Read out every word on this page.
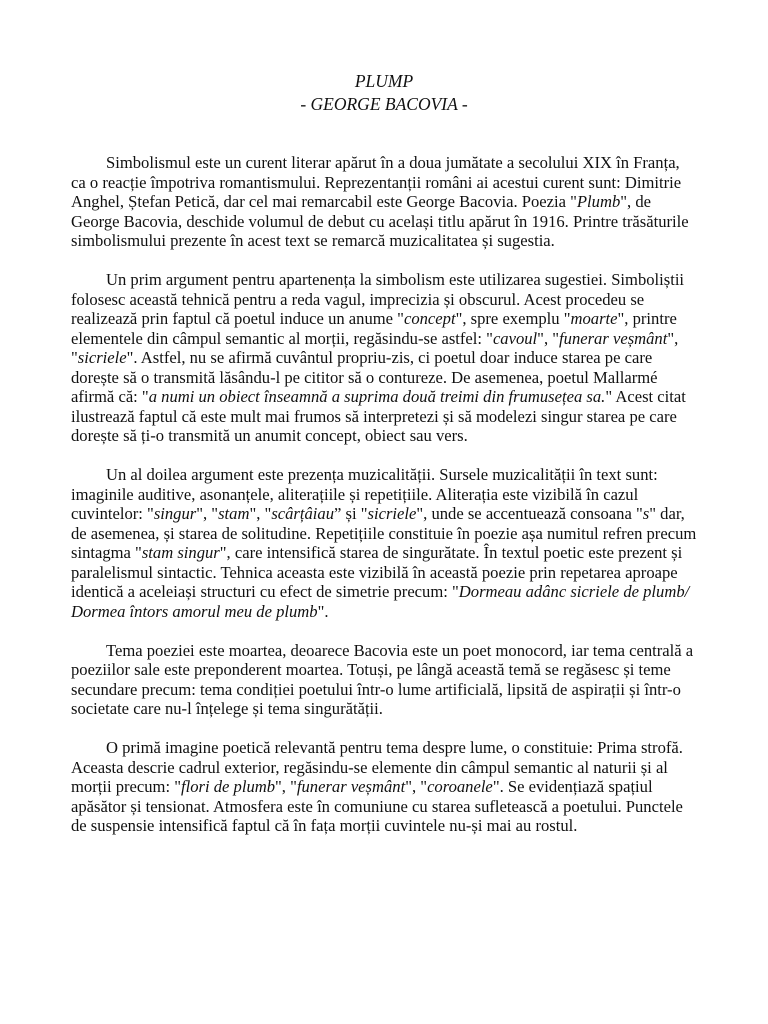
PLUMP
- GEORGE BACOVIA -

Simbolismul este un curent literar apărut în a doua jumătate a secolului XIX în Franța, ca o reacție împotriva romantismului. Reprezentanții români ai acestui curent sunt: Dimitrie Anghel, Ștefan Petică, dar cel mai remarcabil este George Bacovia. Poezia "Plumb", de George Bacovia, deschide volumul de debut cu același titlu apărut în 1916. Printre trăsăturile simbolismului prezente în acest text se remarcă muzicalitatea și sugestia.

Un prim argument pentru apartenența la simbolism este utilizarea sugestiei. Simboliștii folosesc această tehnică pentru a reda vagul, imprecizia și obscurul. Acest procedeu se realizează prin faptul că poetul induce un anume "concept", spre exemplu "moarte", printre elementele din câmpul semantic al morții, regăsindu-se astfel: "cavoul", "funerar veșmânt", "sicriele". Astfel, nu se afirmă cuvântul propriu-zis, ci poetul doar induce starea pe care dorește să o transmită lăsându-l pe cititor să o contureze. De asemenea, poetul Mallarmé afirmă că: "a numi un obiect înseamnă a suprima două treimi din frumusețea sa." Acest citat ilustrează faptul că este mult mai frumos să interpretezi și să modelezi singur starea pe care dorește să ți-o transmită un anumit concept, obiect sau vers.

Un al doilea argument este prezența muzicalității. Sursele muzicalității în text sunt: imaginile auditive, asonanțele, aliterațiile și repetițiile. Aliterația este vizibilă în cazul cuvintelor: "singur", "stam", "scârțâiau” și "sicriele", unde se accentuează consoana "s" dar, de asemenea, și starea de solitudine. Repetițiile constituie în poezie așa numitul refren precum sintagma "stam singur", care intensifică starea de singurătate. În textul poetic este prezent și paralelismul sintactic. Tehnica aceasta este vizibilă în această poezie prin repetarea aproape identică a aceleiași structuri cu efect de simetrie precum: "Dormeau adânc sicriele de plumb/ Dormea întors amorul meu de plumb".

Tema poeziei este moartea, deoarece Bacovia este un poet monocord, iar tema centrală a poeziilor sale este preponderent moartea. Totuși, pe lângă această temă se regăsesc și teme secundare precum: tema condiției poetului într-o lume artificială, lipsită de aspirații și într-o societate care nu-l înțelege și tema singurătății.

O primă imagine poetică relevantă pentru tema despre lume, o constituie: Prima strofă. Aceasta descrie cadrul exterior, regăsindu-se elemente din câmpul semantic al naturii și al morții precum: "flori de plumb", "funerar veșmânt", "coroanele". Se evidențiază spațiul apăsător și tensionat. Atmosfera este în comuniune cu starea sufletească a poetului. Punctele de suspensie intensifică faptul că în fața morții cuvintele nu-și mai au rostul.
